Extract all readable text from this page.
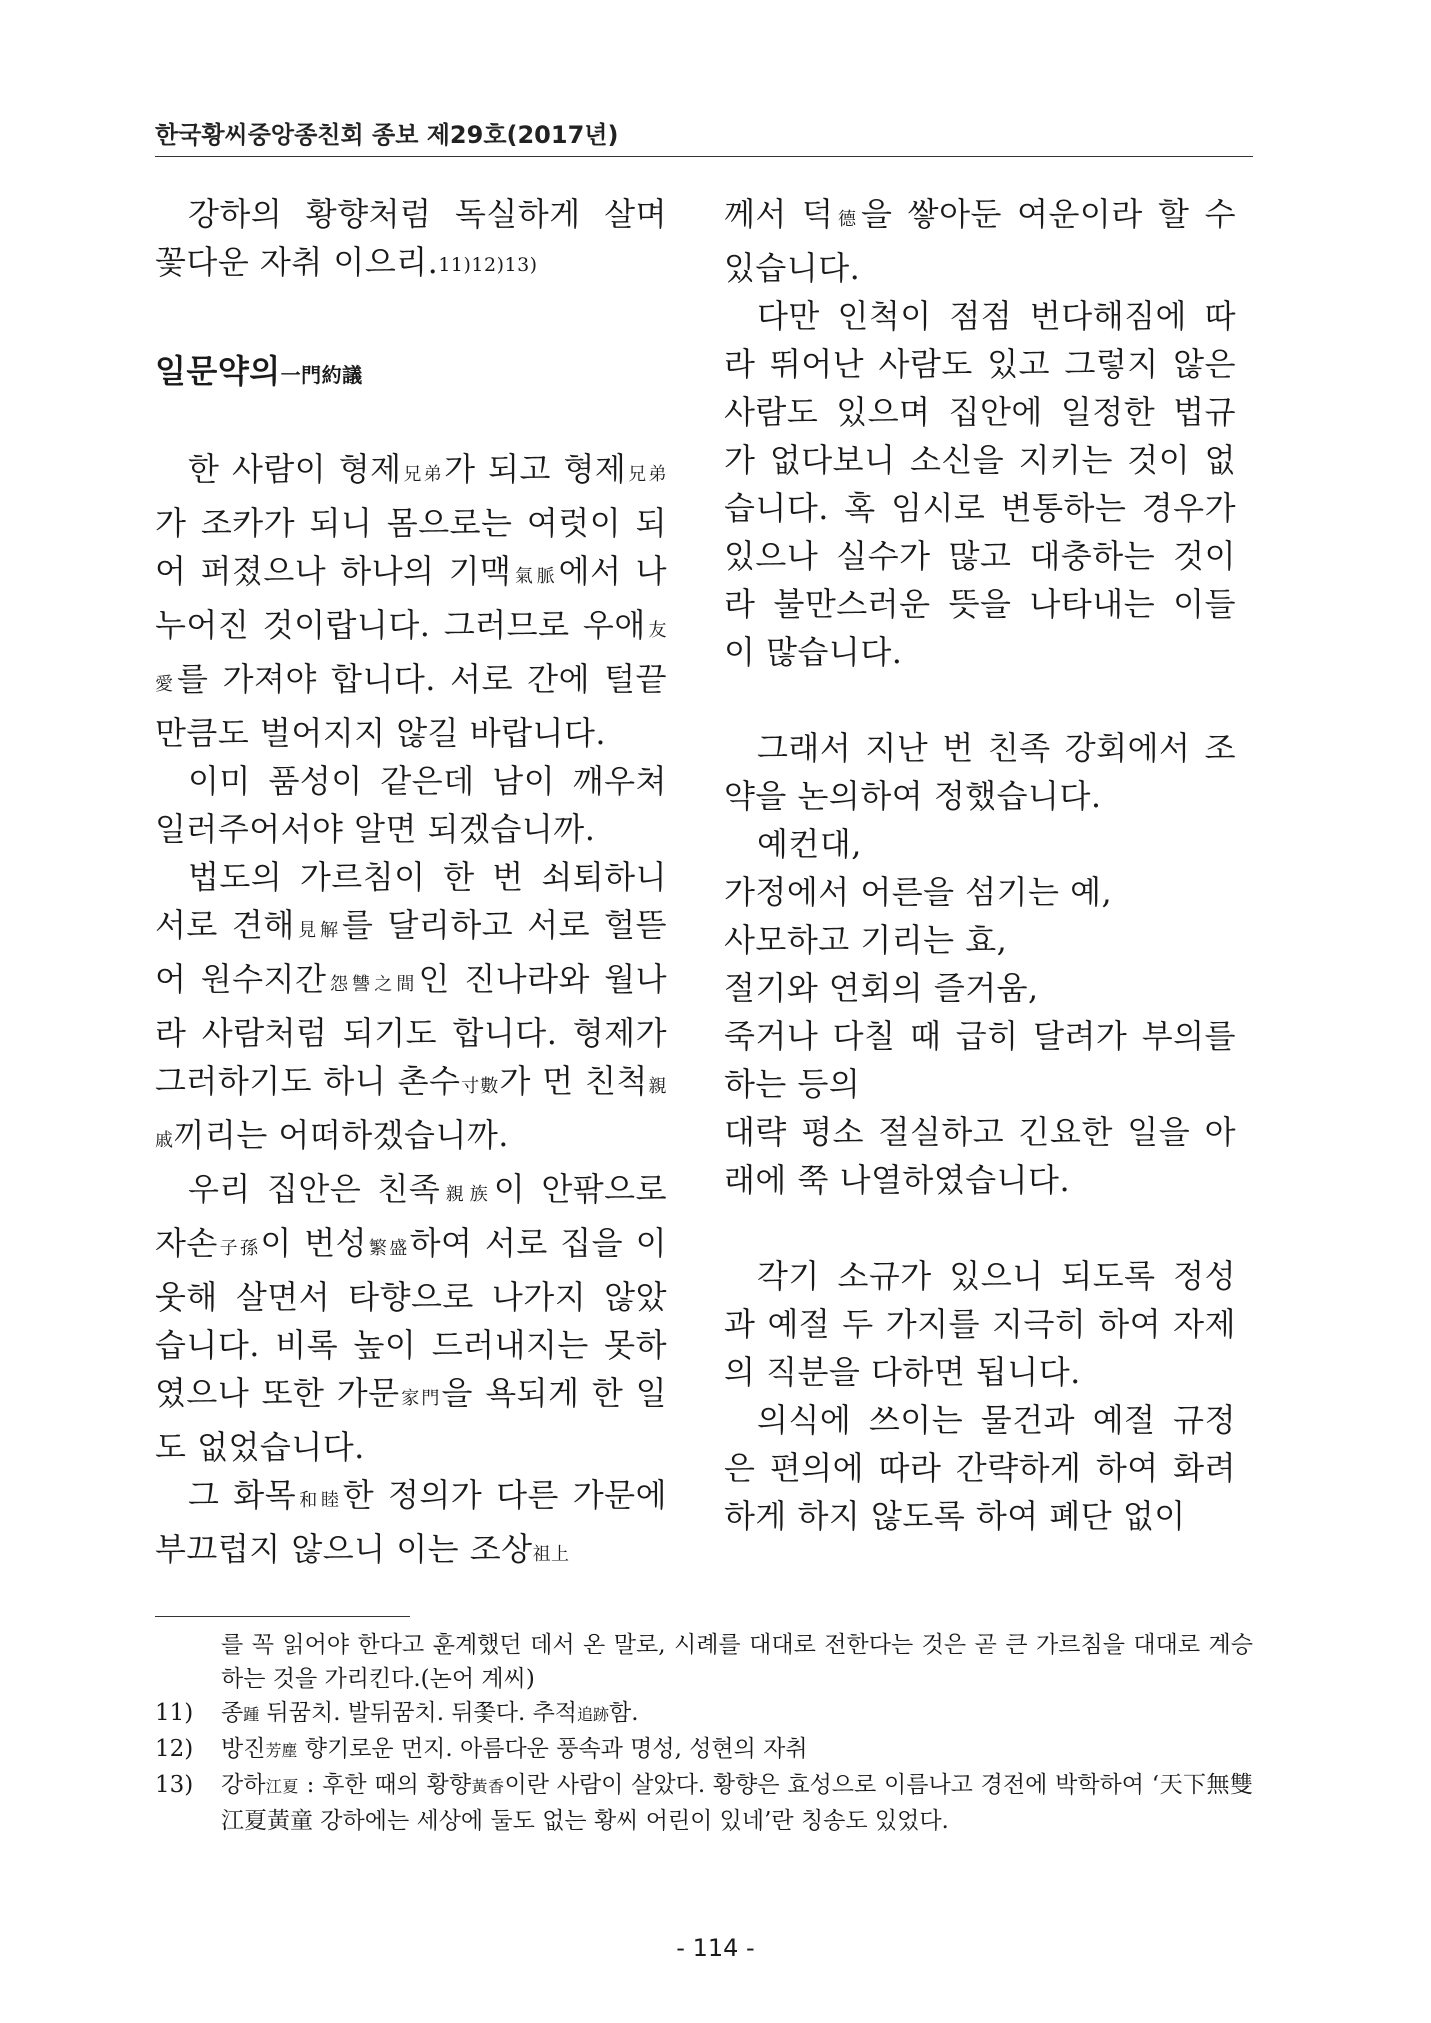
한국황씨중앙종친회 종보 제29호(2017년)

강하의 황향처럼 독실하게 살며 꽃다운 자취 이으리.11)12)13)

일문약의一門約議

한 사람이 형제兄弟가 되고 형제兄弟가 조카가 되니 몸으로는 여럿이 되어 퍼졌으나 하나의 기맥氣脈에서 나누어진 것이랍니다. 그러므로 우애友愛를 가져야 합니다. 서로 간에 털끝만큼도 벌어지지 않길 바랍니다.

이미 품성이 같은데 남이 깨우쳐 일러주어서야 알면 되겠습니까.

법도의 가르침이 한 번 쇠퇴하니 서로 견해見解를 달리하고 서로 헐뜯어 원수지간怨讐之間인 진나라와 월나라 사람처럼 되기도 합니다. 형제가 그러하기도 하니 촌수寸數가 먼 친척親戚끼리는 어떠하겠습니까.

우리 집안은 친족親族이 안팎으로 자손子孫이 번성繁盛하여 서로 집을 이웃해 살면서 타향으로 나가지 않았습니다. 비록 높이 드러내지는 못하였으나 또한 가문家門을 욕되게 한 일도 없었습니다.

그 화목和睦한 정의가 다른 가문에 부끄럽지 않으니 이는 조상祖上

께서 덕德을 쌓아둔 여운이라 할 수 있습니다.

다만 인척이 점점 번다해짐에 따라 뛰어난 사람도 있고 그렇지 않은 사람도 있으며 집안에 일정한 법규가 없다보니 소신을 지키는 것이 없습니다. 혹 임시로 변통하는 경우가 있으나 실수가 많고 대충하는 것이라 불만스러운 뜻을 나타내는 이들이 많습니다.

그래서 지난 번 친족 강회에서 조약을 논의하여 정했습니다.

예컨대,

가정에서 어른을 섬기는 예,

사모하고 기리는 효,

절기와 연회의 즐거움,

죽거나 다칠 때 급히 달려가 부의를 하는 등의

대략 평소 절실하고 긴요한 일을 아래에 쭉 나열하였습니다.

각기 소규가 있으니 되도록 정성과 예절 두 가지를 지극히 하여 자제의 직분을 다하면 됩니다.

의식에 쓰이는 물건과 예절 규정은 편의에 따라 간략하게 하여 화려하게 하지 않도록 하여 폐단 없이

를 꼭 읽어야 한다고 훈계했던 데서 온 말로, 시례를 대대로 전한다는 것은 곧 큰 가르침을 대대로 계승하는 것을 가리킨다.(논어 계씨)

11)	종踵 뒤꿈치. 발뒤꿈치. 뒤쫓다. 추적追跡함.
12)	방진芳塵 향기로운 먼지. 아름다운 풍속과 명성, 성현의 자취
13)	강하江夏 : 후한 때의 황향黃香이란 사람이 살았다. 황향은 효성으로 이름나고 경전에 박학하여 ‘天下無雙江夏黃童 강하에는 세상에 둘도 없는 황씨 어린이 있네’란 칭송도 있었다.
- 114 -
